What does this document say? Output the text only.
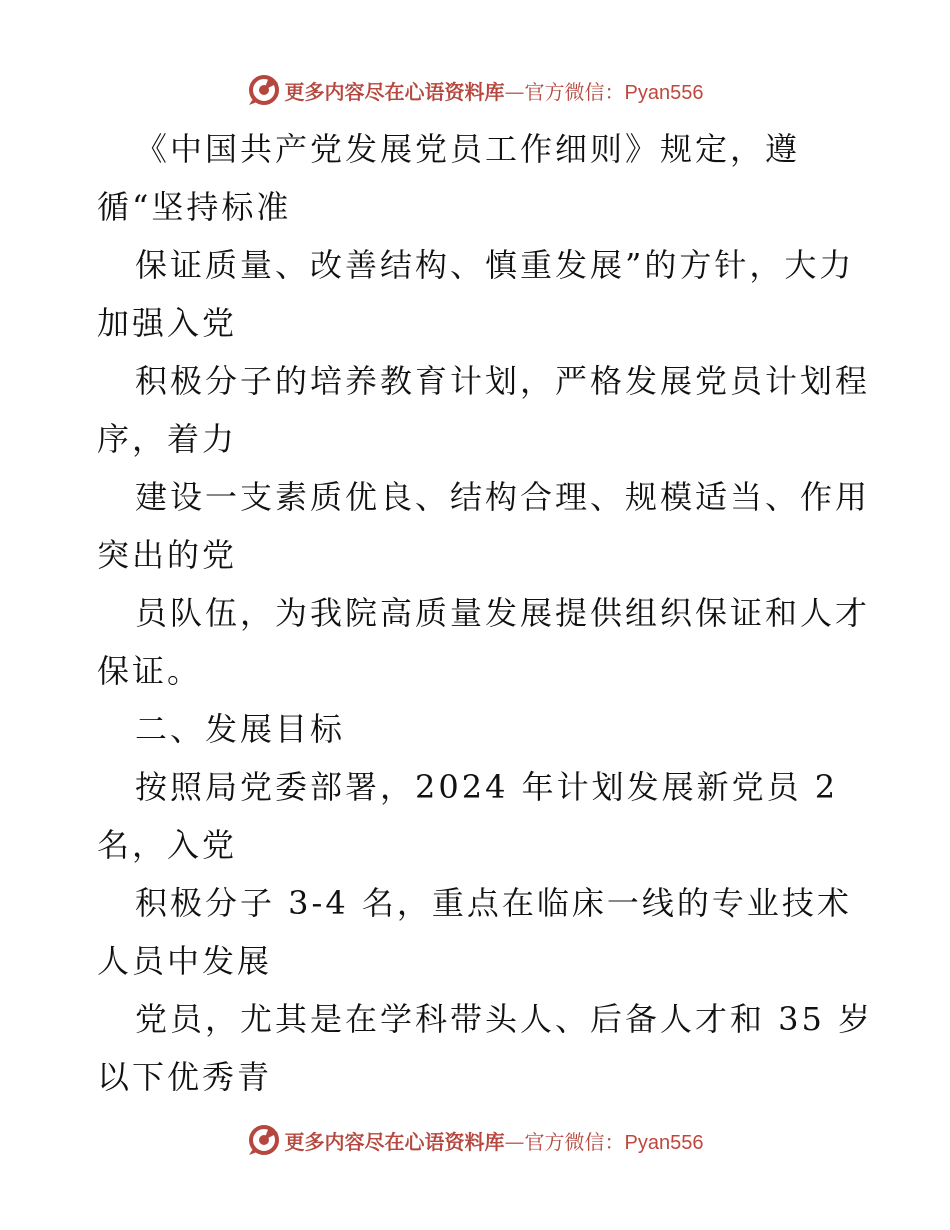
更多内容尽在心语资料库—官方微信：Pyan556
《中国共产党发展党员工作细则》规定，遵
循“坚持标准
保证质量、改善结构、慎重发展”的方针，大力
加强入党
积极分子的培养教育计划，严格发展党员计划程
序，着力
建设一支素质优良、结构合理、规模适当、作用
突出的党
员队伍，为我院高质量发展提供组织保证和人才
保证。
二、发展目标
按照局党委部署，2024 年计划发展新党员 2
名，入党
积极分子 3-4 名，重点在临床一线的专业技术
人员中发展
党员，尤其是在学科带头人、后备人才和 35 岁
以下优秀青
更多内容尽在心语资料库—官方微信：Pyan556
